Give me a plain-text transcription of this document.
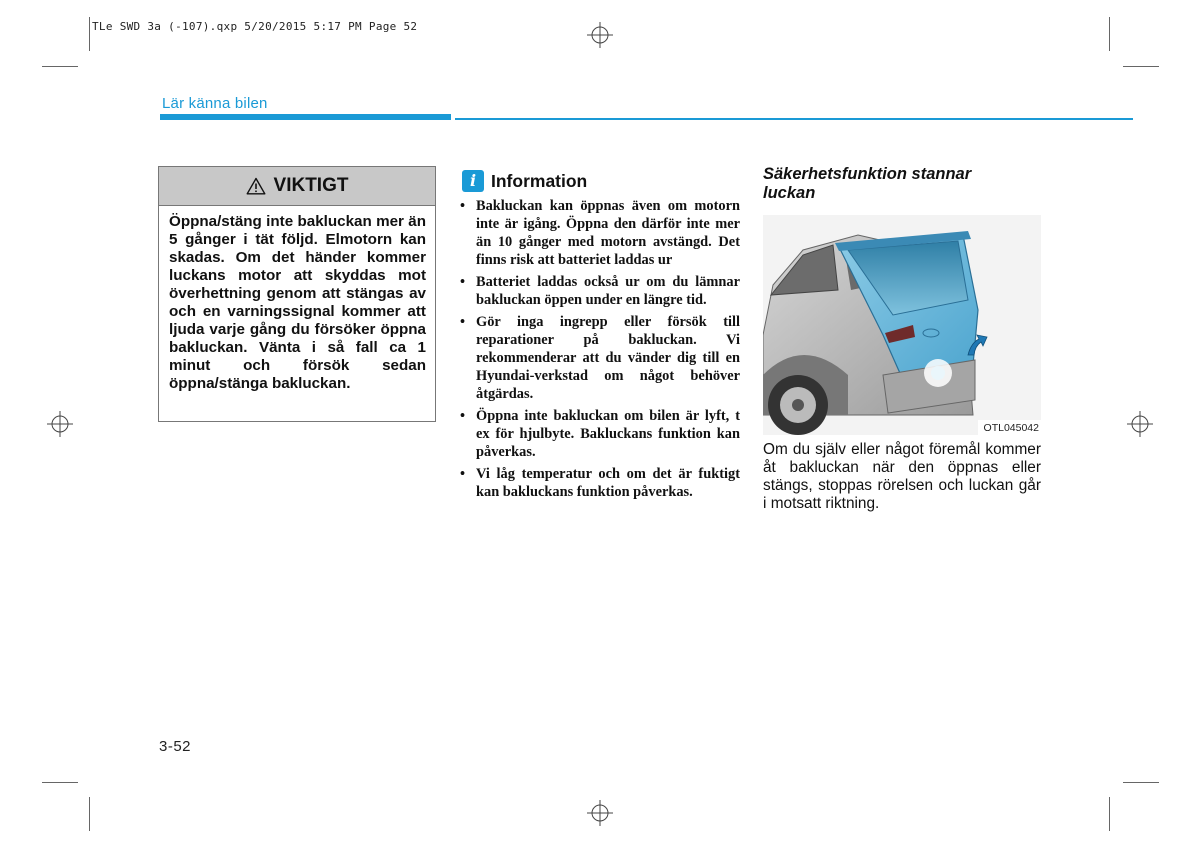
TLe SWD 3a (-107).qxp 5/20/2015 5:17 PM Page 52
Lär känna bilen
VIKTIGT
Öppna/stäng inte bakluckan mer än 5 gånger i tät följd. Elmotorn kan skadas. Om det händer kommer luckans motor att skyddas mot överhettning genom att stängas av och en varningssignal kommer att ljuda varje gång du försöker öppna bakluckan. Vänta i så fall ca 1 minut och försök sedan öppna/stänga bakluckan.
i Information
• Bakluckan kan öppnas även om motorn inte är igång. Öppna den därför inte mer än 10 gånger med motorn avstängd. Det finns risk att batteriet laddas ur
• Batteriet laddas också ur om du lämnar bakluckan öppen under en längre tid.
• Gör inga ingrepp eller försök till reparationer på bakluckan. Vi rekommenderar att du vänder dig till en Hyundai-verkstad om något behöver åtgärdas.
• Öppna inte bakluckan om bilen är lyft, t ex för hjulbyte. Bakluckans funktion kan påverkas.
• Vi låg temperatur och om det är fuktigt kan bakluckans funktion påverkas.
Säkerhetsfunktion stannar luckan
OTL045042
Om du själv eller något föremål kommer åt bakluckan när den öppnas eller stängs, stoppas rörelsen och luckan går i motsatt riktning.
3-52
